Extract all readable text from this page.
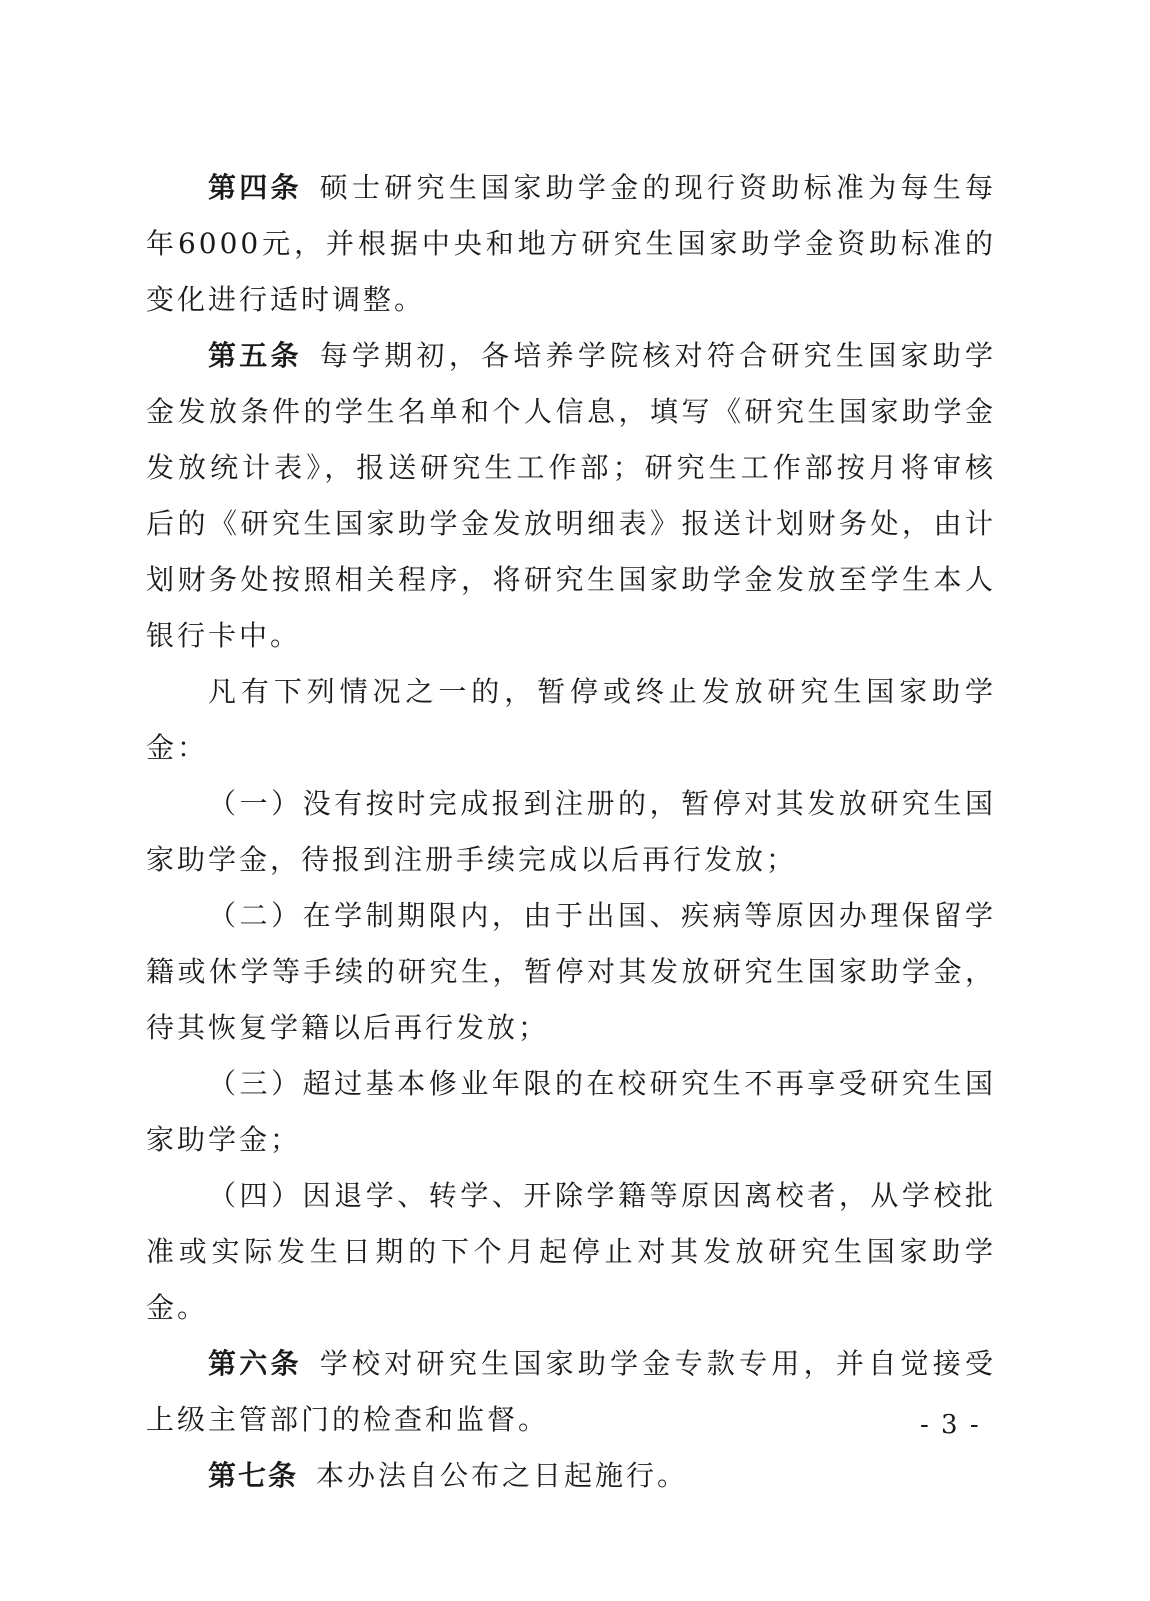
第四条 硕士研究生国家助学金的现行资助标准为每生每年6000元，并根据中央和地方研究生国家助学金资助标准的变化进行适时调整。

第五条 每学期初，各培养学院核对符合研究生国家助学金发放条件的学生名单和个人信息，填写《研究生国家助学金发放统计表》，报送研究生工作部；研究生工作部按月将审核后的《研究生国家助学金发放明细表》报送计划财务处，由计划财务处按照相关程序，将研究生国家助学金发放至学生本人银行卡中。

凡有下列情况之一的，暂停或终止发放研究生国家助学金：

（一）没有按时完成报到注册的，暂停对其发放研究生国家助学金，待报到注册手续完成以后再行发放；

（二）在学制期限内，由于出国、疾病等原因办理保留学籍或休学等手续的研究生，暂停对其发放研究生国家助学金，待其恢复学籍以后再行发放；

（三）超过基本修业年限的在校研究生不再享受研究生国家助学金；

（四）因退学、转学、开除学籍等原因离校者，从学校批准或实际发生日期的下个月起停止对其发放研究生国家助学金。

第六条 学校对研究生国家助学金专款专用，并自觉接受上级主管部门的检查和监督。

第七条 本办法自公布之日起施行。

- 3 -
